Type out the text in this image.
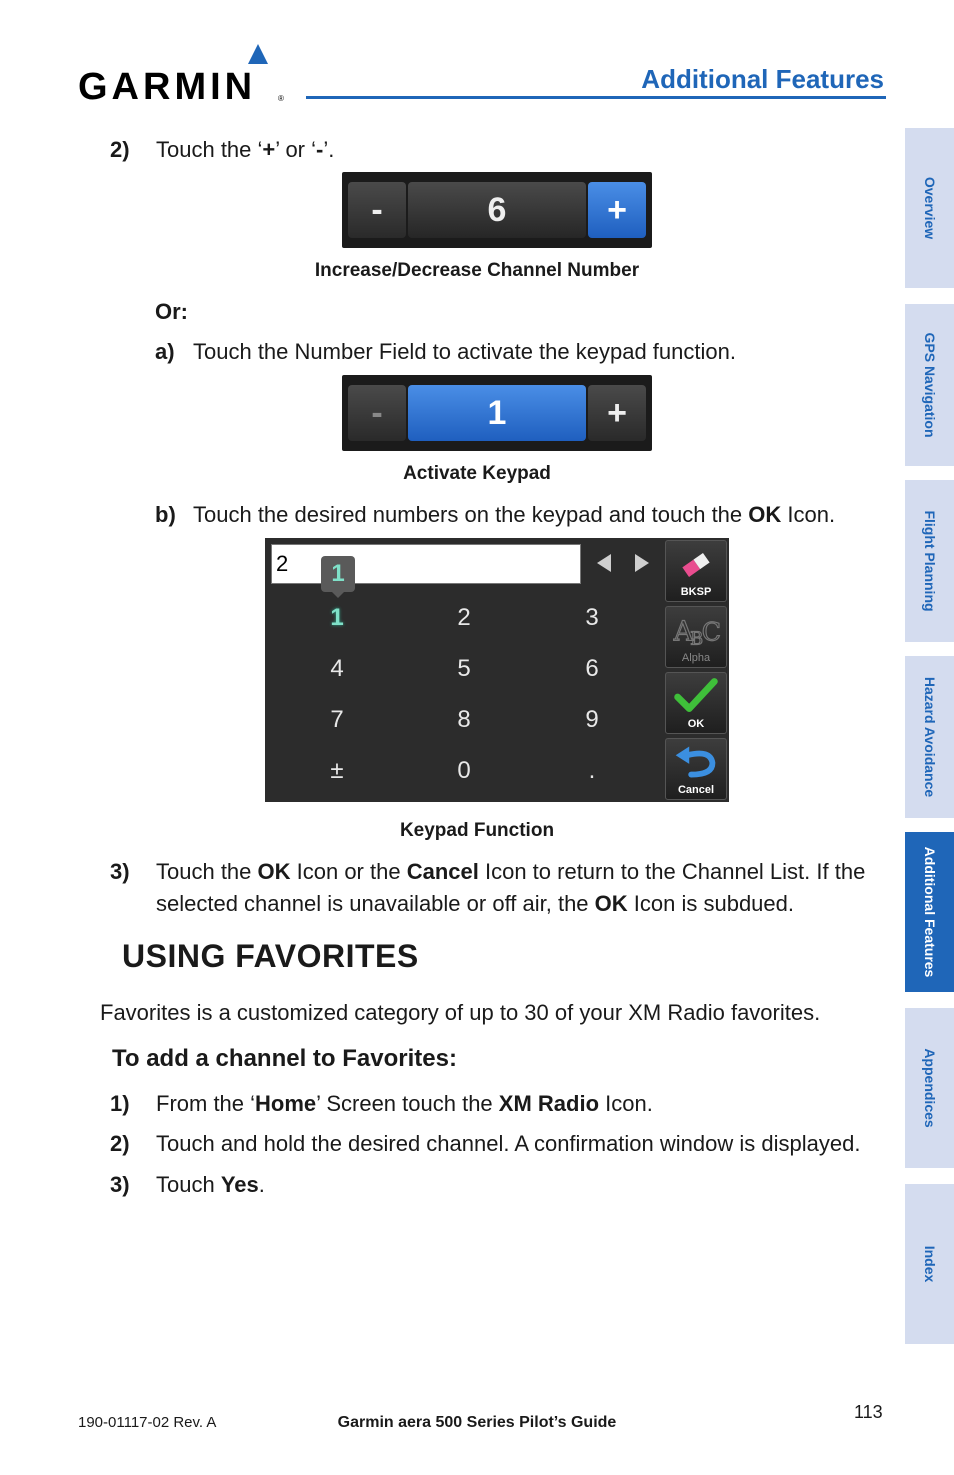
GARMIN	®
Additional Features
2) Touch the ‘+’ or ‘-’.
-	6	+
Increase/Decrease Channel Number
Or:
a) Touch the Number Field to activate the keypad function.
-	1	+
Activate Keypad
b) Touch the desired numbers on the keypad and touch the OK Icon.
2	1
1	2	3
4	5	6
7	8	9
±	0	.
BKSP
A
B
C
Alpha
OK
Cancel
Keypad Function
3) Touch the OK Icon or the Cancel Icon to return to the Channel List. If the
selected channel is unavailable or off air, the OK Icon is subdued.
USING FAVORITES
Favorites is a customized category of up to 30 of your XM Radio favorites.
To add a channel to Favorites:
1) From the ‘Home’ Screen touch the XM Radio Icon.
2) Touch and hold the desired channel. A confirmation window is displayed.
3) Touch Yes.
Overview
GPS Navigation
Flight Planning
Hazard Avoidance
Additional Features
Appendices
Index
190-01117-02 Rev. A	Garmin aera 500 Series Pilot’s Guide
113
